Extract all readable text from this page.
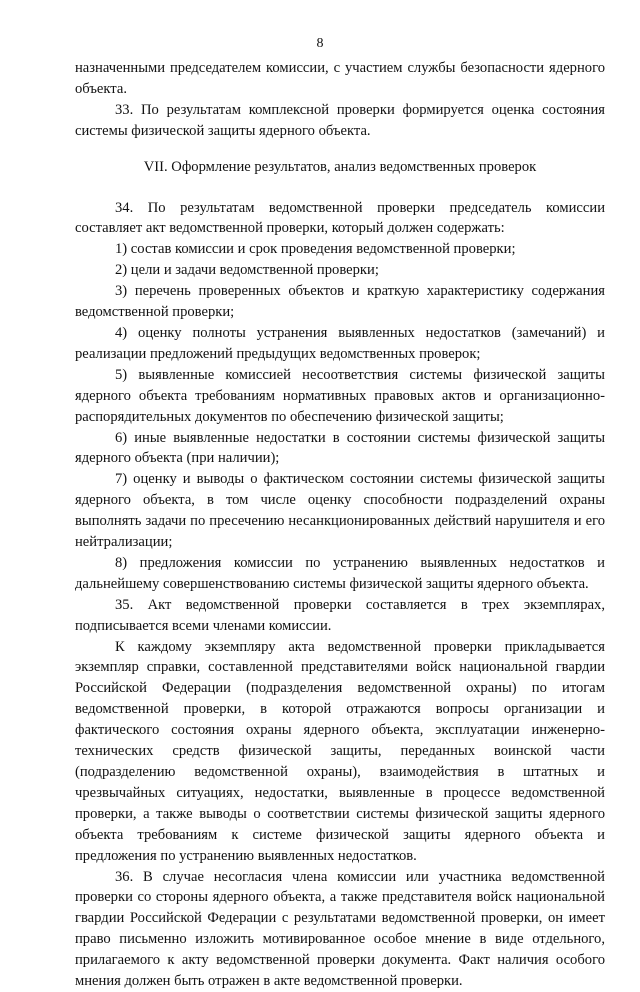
8

назначенными председателем комиссии, с участием службы безопасности ядерного объекта.

33. По результатам комплексной проверки формируется оценка состояния системы физической защиты ядерного объекта.

VII. Оформление результатов, анализ ведомственных проверок

34. По результатам ведомственной проверки председатель комиссии составляет акт ведомственной проверки, который должен содержать:

1) состав комиссии и срок проведения ведомственной проверки;

2) цели и задачи ведомственной проверки;

3) перечень проверенных объектов и краткую характеристику содержания ведомственной проверки;

4) оценку полноты устранения выявленных недостатков (замечаний) и реализации предложений предыдущих ведомственных проверок;

5) выявленные комиссией несоответствия системы физической защиты ядерного объекта требованиям нормативных правовых актов и организационно-распорядительных документов по обеспечению физической защиты;

6) иные выявленные недостатки в состоянии системы физической защиты ядерного объекта (при наличии);

7) оценку и выводы о фактическом состоянии системы физической защиты ядерного объекта, в том числе оценку способности подразделений охраны выполнять задачи по пресечению несанкционированных действий нарушителя и его нейтрализации;

8) предложения комиссии по устранению выявленных недостатков и дальнейшему совершенствованию системы физической защиты ядерного объекта.

35. Акт ведомственной проверки составляется в трех экземплярах, подписывается всеми членами комиссии.

К каждому экземпляру акта ведомственной проверки прикладывается экземпляр справки, составленной представителями войск национальной гвардии Российской Федерации (подразделения ведомственной охраны) по итогам ведомственной проверки, в которой отражаются вопросы организации и фактического состояния охраны ядерного объекта, эксплуатации инженерно-технических средств физической защиты, переданных воинской части (подразделению ведомственной охраны), взаимодействия в штатных и чрезвычайных ситуациях, недостатки, выявленные в процессе ведомственной проверки, а также выводы о соответствии системы физической защиты ядерного объекта требованиям к системе физической защиты ядерного объекта и предложения по устранению выявленных недостатков.

36. В случае несогласия члена комиссии или участника ведомственной проверки со стороны ядерного объекта, а также представителя войск национальной гвардии Российской Федерации с результатами ведомственной проверки, он имеет право письменно изложить мотивированное особое мнение в виде отдельного, прилагаемого к акту ведомственной проверки документа. Факт наличия особого мнения должен быть отражен в акте ведомственной проверки.
